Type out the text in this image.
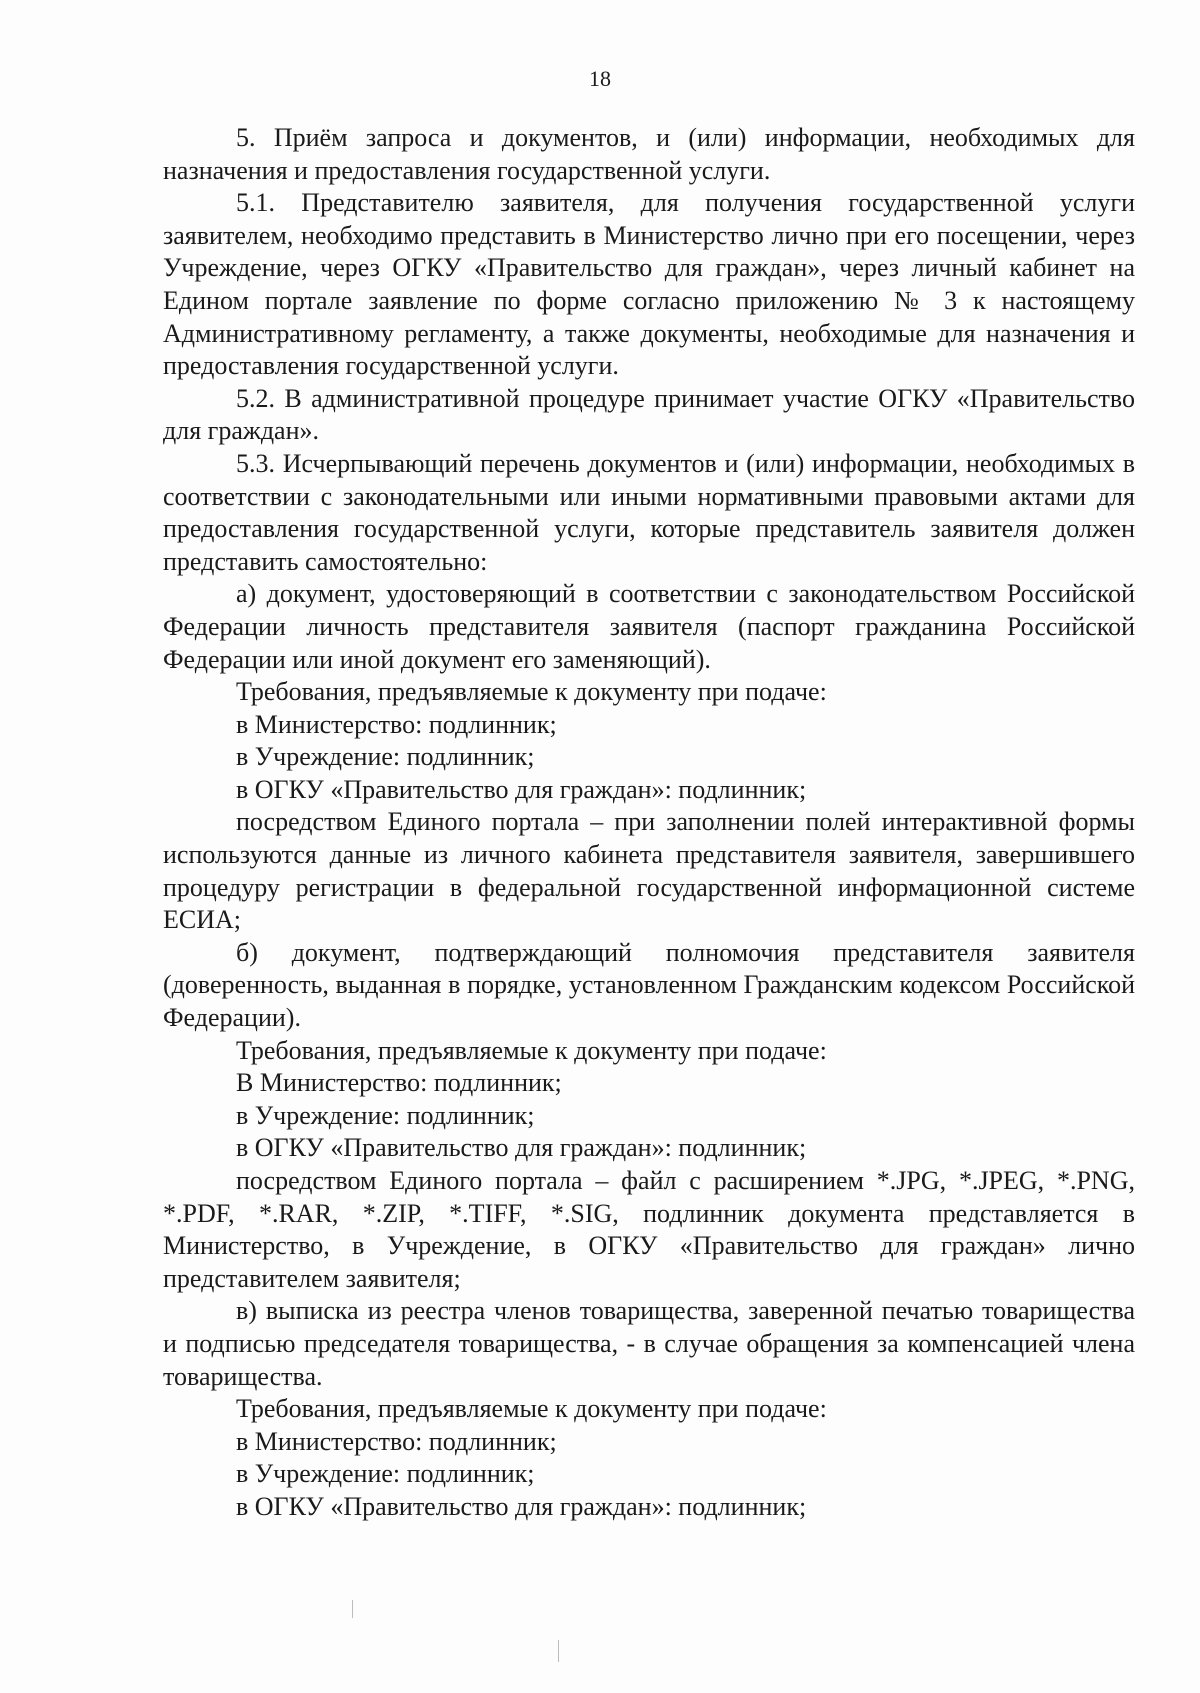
18

5. Приём запроса и документов, и (или) информации, необходимых для назначения и предоставления государственной услуги.

5.1. Представителю заявителя, для получения государственной услуги заявителем, необходимо представить в Министерство лично при его посещении, через Учреждение, через ОГКУ «Правительство для граждан», через личный кабинет на Едином портале заявление по форме согласно приложению № 3 к настоящему Административному регламенту, а также документы, необходимые для назначения и предоставления государственной услуги.

5.2. В административной процедуре принимает участие ОГКУ «Правительство для граждан».

5.3. Исчерпывающий перечень документов и (или) информации, необходимых в соответствии с законодательными или иными нормативными правовыми актами для предоставления государственной услуги, которые представитель заявителя должен представить самостоятельно:

а) документ, удостоверяющий в соответствии с законодательством Российской Федерации личность представителя заявителя (паспорт гражданина Российской Федерации или иной документ его заменяющий).

Требования, предъявляемые к документу при подаче:

в Министерство: подлинник;

в Учреждение: подлинник;

в ОГКУ «Правительство для граждан»: подлинник;

посредством Единого портала – при заполнении полей интерактивной формы используются данные из личного кабинета представителя заявителя, завершившего процедуру регистрации в федеральной государственной информационной системе ЕСИА;

б) документ, подтверждающий полномочия представителя заявителя (доверенность, выданная в порядке, установленном Гражданским кодексом Российской Федерации).

Требования, предъявляемые к документу при подаче:

В Министерство: подлинник;

в Учреждение: подлинник;

в ОГКУ «Правительство для граждан»: подлинник;

посредством Единого портала – файл с расширением *.JPG, *.JPEG, *.PNG, *.PDF, *.RAR, *.ZIP, *.TIFF, *.SIG, подлинник документа представляется в Министерство, в Учреждение, в ОГКУ «Правительство для граждан» лично представителем заявителя;

в) выписка из реестра членов товарищества, заверенной печатью товарищества и подписью председателя товарищества, - в случае обращения за компенсацией члена товарищества.

Требования, предъявляемые к документу при подаче:

в Министерство: подлинник;

в Учреждение: подлинник;

в ОГКУ «Правительство для граждан»: подлинник;
